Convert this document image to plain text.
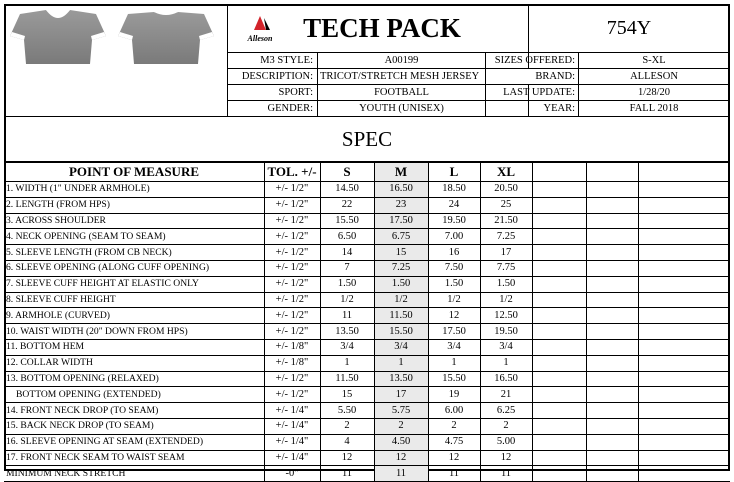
Alleson	TECH PACK	754Y
M3 STYLE:	A00199	SIZES OFFERED:	S-XL
DESCRIPTION: TRICOT/STRETCH MESH JERSEY	BRAND:	ALLESON
SPORT:	FOOTBALL	LAST UPDATE:	1/28/20
GENDER:	YOUTH (UNISEX)	YEAR:	FALL 2018
SPEC
POINT OF MEASURE	TOL. +/-	S	M	L	XL
1. WIDTH (1" UNDER ARMHOLE)	+/- 1/2"	14.50	16.50	18.50	20.50
2. LENGTH (FROM HPS)	+/- 1/2"	22	23	24	25
3. ACROSS SHOULDER	+/- 1/2"	15.50	17.50	19.50	21.50
4. NECK OPENING (SEAM TO SEAM)	+/- 1/2"	6.50	6.75	7.00	7.25
5. SLEEVE LENGTH (FROM CB NECK)	+/- 1/2"	14	15	16	17
6. SLEEVE OPENING (ALONG CUFF OPENING)	+/- 1/2"	7	7.25	7.50	7.75
7. SLEEVE CUFF HEIGHT AT ELASTIC ONLY	+/- 1/2"	1.50	1.50	1.50	1.50
8. SLEEVE CUFF HEIGHT	+/- 1/2"	1/2	1/2	1/2	1/2
9. ARMHOLE (CURVED)	+/- 1/2"	11	11.50	12	12.50
10. WAIST WIDTH (20" DOWN FROM HPS)	+/- 1/2"	13.50	15.50	17.50	19.50
11. BOTTOM HEM	+/- 1/8"	3/4	3/4	3/4	3/4
12. COLLAR WIDTH	+/- 1/8"	1	1	1	1
13. BOTTOM OPENING (RELAXED)	+/- 1/2"	11.50	13.50	15.50	16.50
BOTTOM OPENING (EXTENDED)	+/- 1/2"	15	17	19	21
14. FRONT NECK DROP (TO SEAM)	+/- 1/4"	5.50	5.75	6.00	6.25
15. BACK NECK DROP (TO SEAM)	+/- 1/4"	2	2	2	2
16. SLEEVE OPENING AT SEAM (EXTENDED)	+/- 1/4"	4	4.50	4.75	5.00
17. FRONT NECK SEAM TO WAIST SEAM	+/- 1/4"	12	12	12	12
MINIMUM NECK STRETCH	-0"	11	11	11	11
